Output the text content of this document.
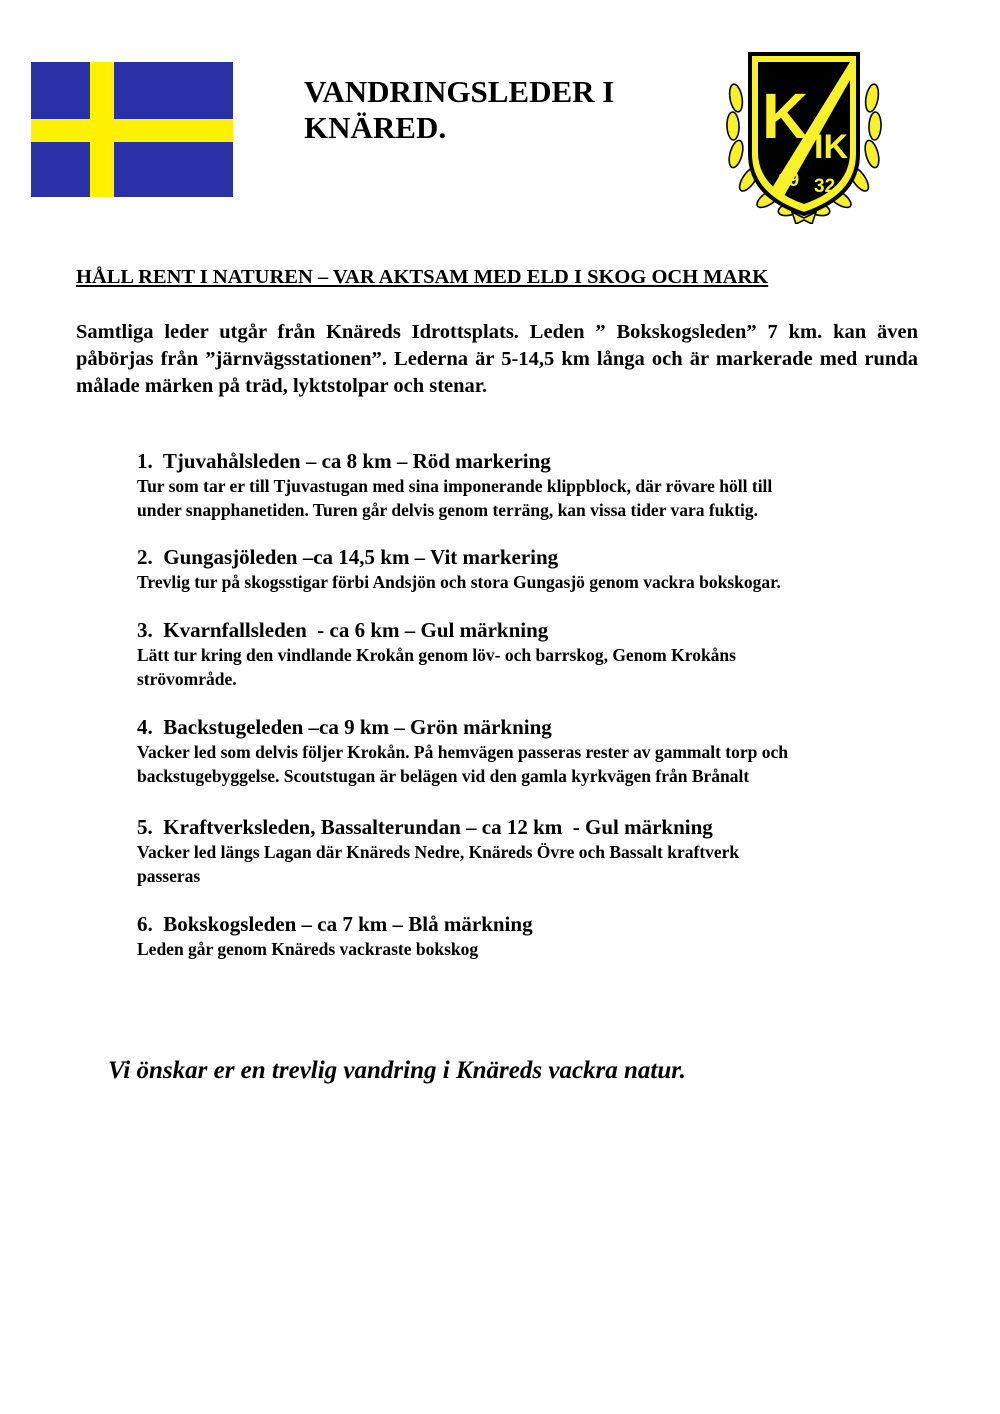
VANDRINGSLEDER I
KNÄRED.	K IK
19 32

HÅLL RENT I NATUREN – VAR AKTSAM MED ELD I SKOG OCH MARK

Samtliga leder utgår från Knäreds Idrottsplats. Leden ” Bokskogsleden” 7 km. kan även påbörjas från ”järnvägsstationen”. Lederna är 5-14,5 km långa och är markerade med runda målade märken på träd, lyktstolpar och stenar.

1.  Tjuvahålsleden – ca 8 km – Röd markering
Tur som tar er till Tjuvastugan med sina imponerande klippblock, där rövare höll till
under snapphanetiden. Turen går delvis genom terräng, kan vissa tider vara fuktig.
2.  Gungasjöleden –ca 14,5 km – Vit markering
Trevlig tur på skogsstigar förbi Andsjön och stora Gungasjö genom vackra bokskogar.
3.  Kvarnfallsleden  - ca 6 km – Gul märkning
Lätt tur kring den vindlande Krokån genom löv- och barrskog, Genom Krokåns
strövområde.
4.  Backstugeleden –ca 9 km – Grön märkning
Vacker led som delvis följer Krokån. På hemvägen passeras rester av gammalt torp och
backstugebyggelse. Scoutstugan är belägen vid den gamla kyrkvägen från Brånalt
5.  Kraftverksleden, Bassalterundan – ca 12 km  - Gul märkning
Vacker led längs Lagan där Knäreds Nedre, Knäreds Övre och Bassalt kraftverk
passeras
6.  Bokskogsleden – ca 7 km – Blå märkning
Leden går genom Knäreds vackraste bokskog

Vi önskar er en trevlig vandring i Knäreds vackra natur.
